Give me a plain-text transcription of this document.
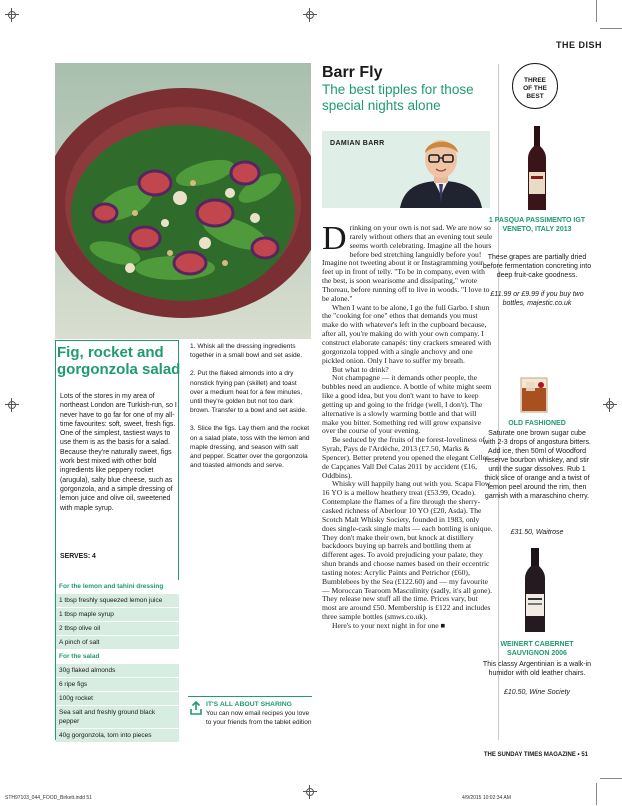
THE DISH
Fig, rocket and
gorgonzola salad
Lots of the stores in my area of northeast London are Turkish-run, so I never have to go far for one of my all-time favourites: soft, sweet, fresh figs. One of the simplest, tastiest ways to use them is as the basis for a salad. Because they're naturally sweet, figs work best mixed with other bold ingredients like peppery rocket (arugula), salty blue cheese, such as gorgonzola, and a simple dressing of lemon juice and olive oil, sweetened with maple syrup.
SERVES: 4
For the lemon and tahini dressing
1 tbsp freshly squeezed lemon juice
1 tbsp maple syrup
2 tbsp olive oil
A pinch of salt
For the salad
30g flaked almonds
6 ripe figs
100g rocket
Sea salt and freshly ground black pepper
40g gorgonzola, torn into pieces

1. Whisk all the dressing ingredients together in a small bowl and set aside.

2. Put the flaked almonds into a dry nonstick frying pan (skillet) and toast over a medium heat for a few minutes, until they're golden but not too dark brown. Transfer to a bowl and set aside.

3. Slice the figs. Lay them and the rocket on a salad plate, toss with the lemon and maple dressing, and season with salt and pepper. Scatter over the gorgonzola and toasted almonds and serve.

IT'S ALL ABOUT SHARING
You can now email recipes you love to your friends from the tablet edition
Barr Fly
The best tipples for those special nights alone
DAMIAN BARR

Drinking on your own is not sad. We are now so rarely without others that an evening tout seule seems worth celebrating. Imagine all the hours before bed stretching languidly before you! Imagine not tweeting about it or Instagramming your feet up in front of telly. "To be in company, even with the best, is soon wearisome and dissipating," wrote Thoreau, before running off to live in woods. "I love to be alone."

When I want to be alone, I go the full Garbo. I shun the "cooking for one" ethos that demands you must make do with whatever's left in the cupboard because, after all, you're making do with your own company. I construct elaborate canapés: tiny crackers smeared with gorgonzola topped with a single anchovy and one pickled onion. Only I have to suffer my breath.

But what to drink?

Not champagne — it demands other people, the bubbles need an audience. A bottle of white might seem like a good idea, but you don't want to have to keep getting up and going to the fridge (well, I don't). The alternative is a slowly warming bottle and that will make you bitter. Something red will grow expansive over the course of your evening.

Be seduced by the fruits of the forest-loveliness of Syrah, Pays de l'Ardèche, 2013 (£7.50, Marks & Spencer). Better pretend you opened the elegant Celler de Capçanes Vall Del Calas 2011 by accident (£16, Oddbins).

Whisky will happily hang out with you. Scapa Flow 16 YO is a mellow heathery treat (£53.99, Ocado). Contemplate the flames of a fire through the sherry-casked richness of Aberlour 10 YO (£20, Asda). The Scotch Malt Whisky Society, founded in 1983, only does single-cask single malts — each bottling is unique. They don't make their own, but knock at distillery backdoors buying up barrels and bottling them at different ages. To avoid prejudicing your palate, they shun brands and choose names based on their eccentric tasting notes: Acrylic Paints and Petrichor (£60), Bumblebees by the Sea (£122.60) and — my favourite — Moroccan Tearoom Masculinity (sadly, it's all gone). They release new stuff all the time. Prices vary, but most are around £50. Membership is £122 and includes three sample bottles (smws.co.uk).

Here's to your next night in for one ■

THREE
OF THE
BEST
1 PASQUA PASSIMENTO IGT VENETO, ITALY 2013
These grapes are partially dried before fermentation concreting into deep fruit-cake goodness.
£11.99 or £9.99 if you buy two bottles, majestic.co.uk
OLD FASHIONED
Saturate one brown sugar cube with 2-3 drops of angostura bitters. Add ice, then 50ml of Woodford reserve bourbon whiskey, and stir until the sugar dissolves. Rub 1 thick slice of orange and a twist of lemon peel around the rim, then garnish with a maraschino cherry.
£31.50, Waitrose
WEINERT CABERNET SAUVIGNON 2006
This classy Argentinian is a walk-in humidor with old leather chairs.
£10.50, Wine Society
THE SUNDAY TIMES MAGAZINE • 51
STH97103_044_FOOD_Birkett.indd 51	4/9/2015 10:02:34 AM
